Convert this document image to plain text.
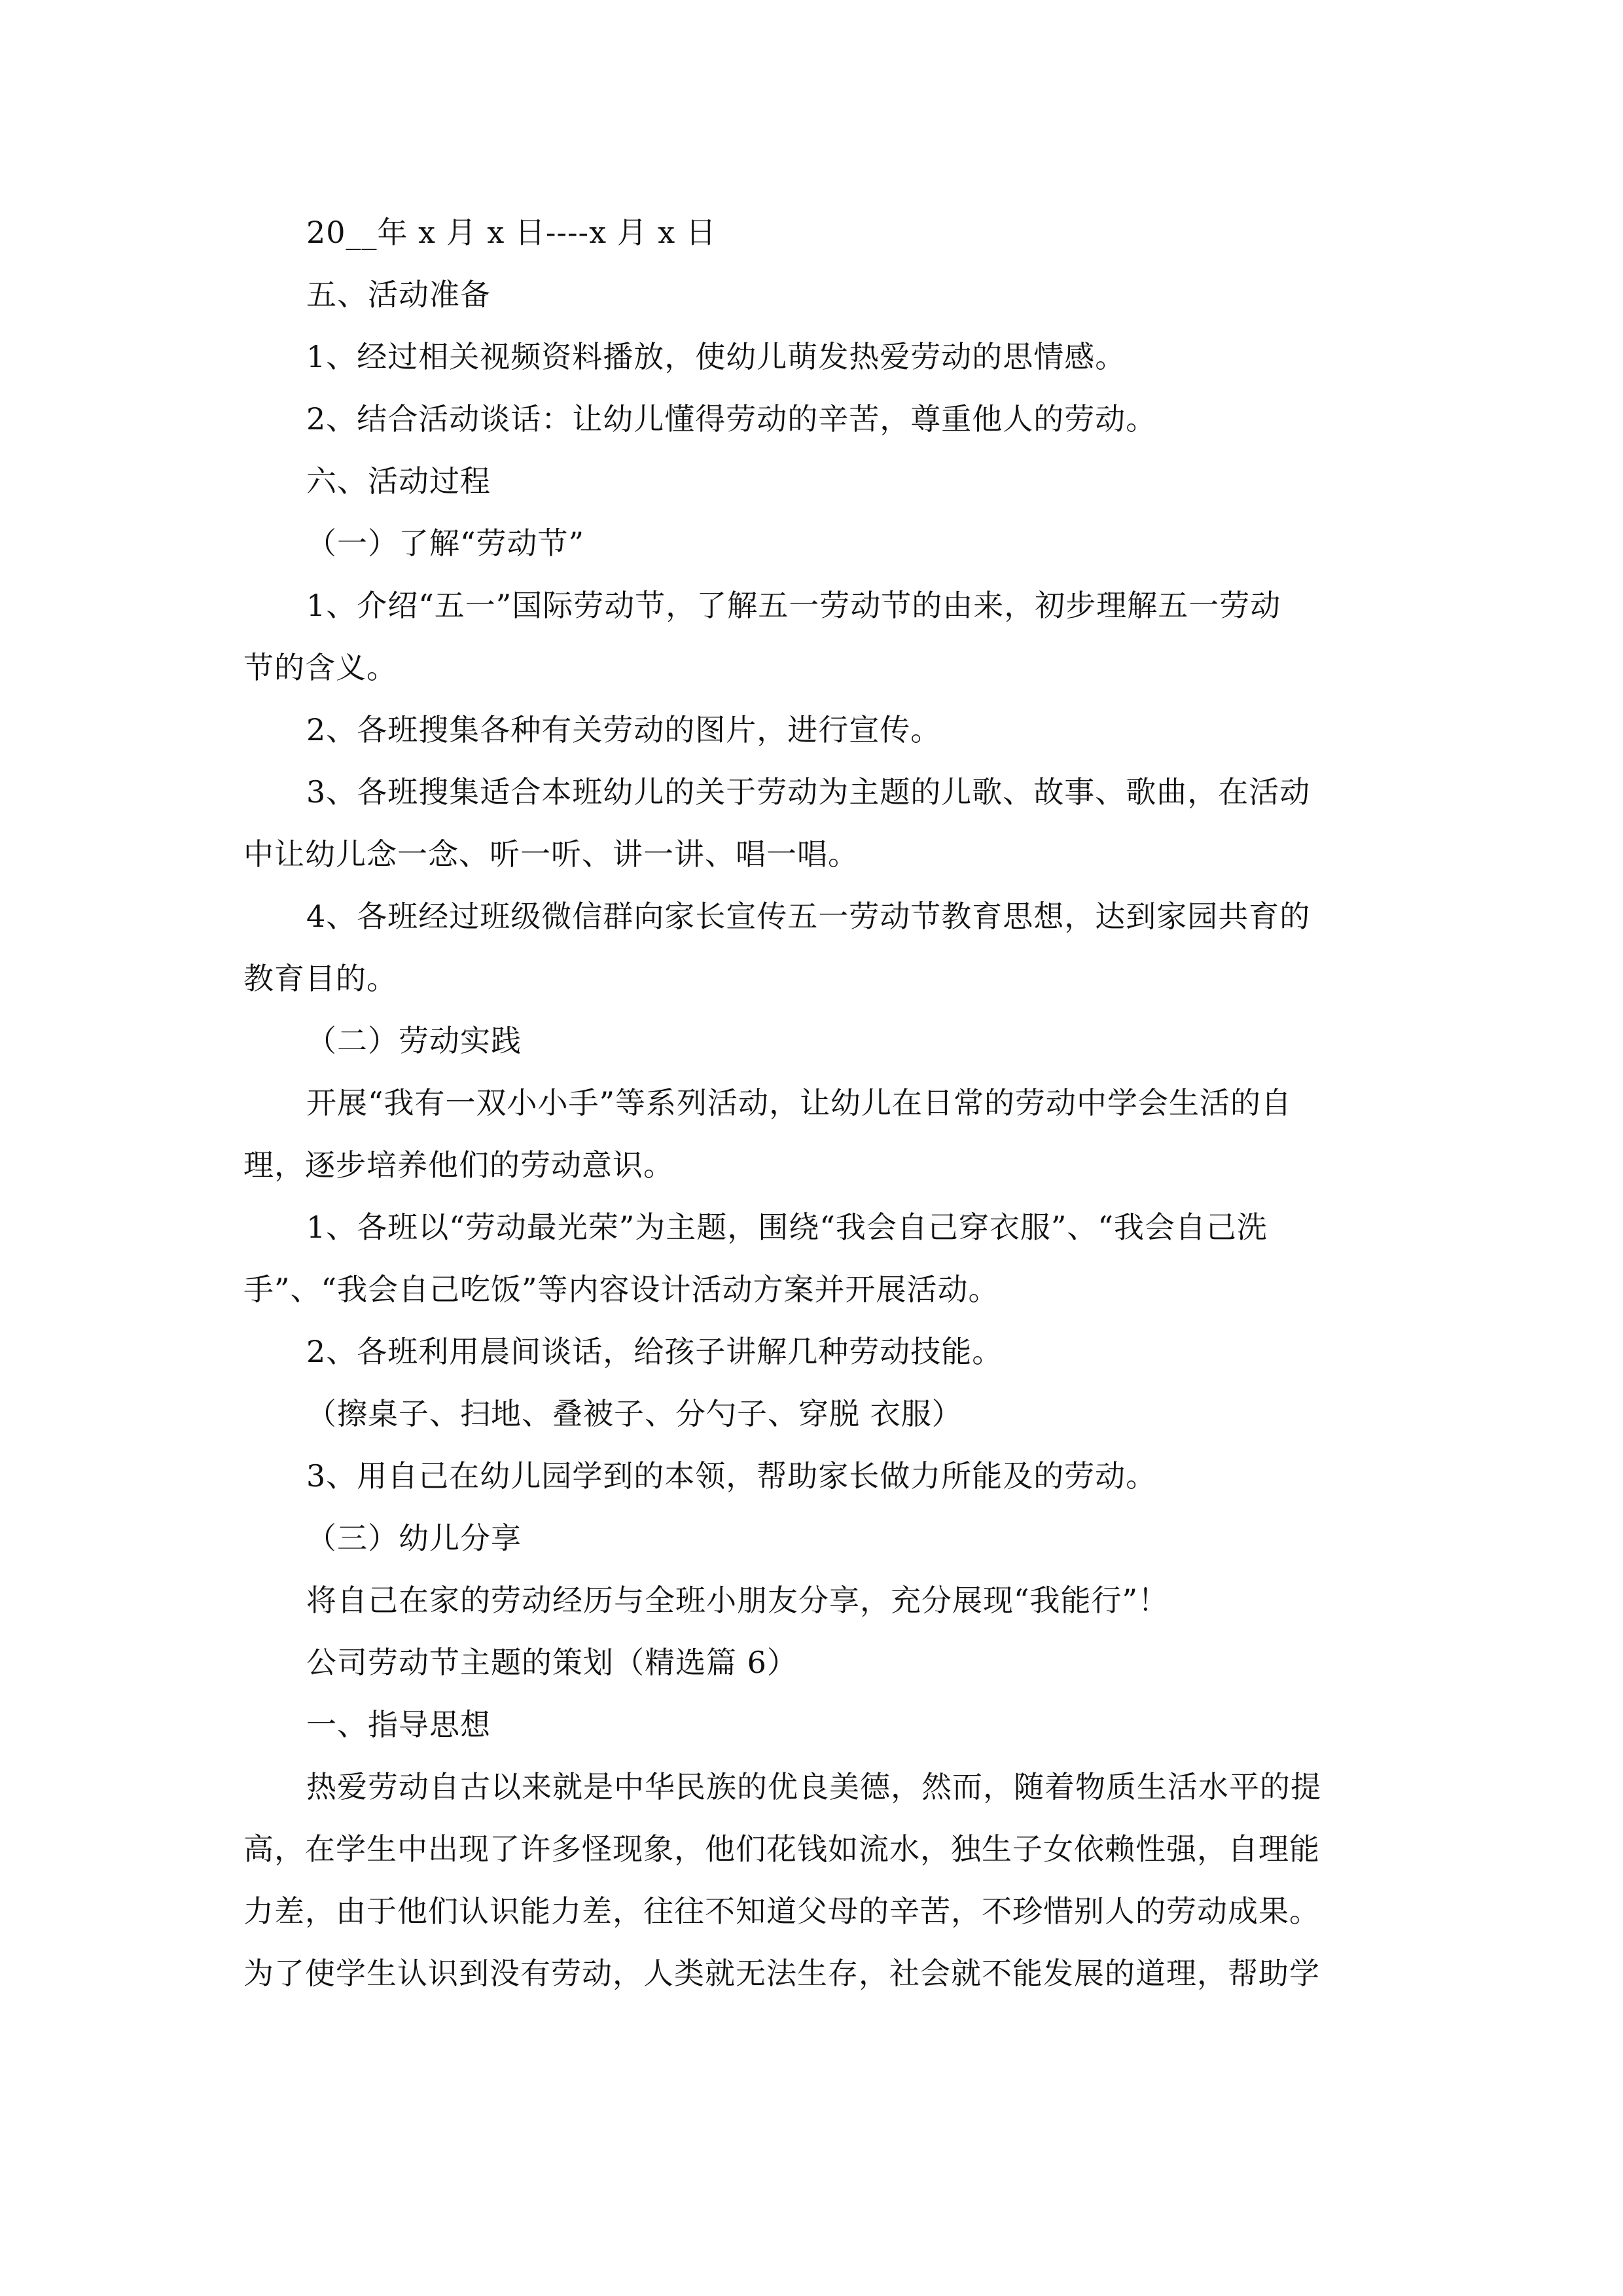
20__年 x 月 x 日----x 月 x 日
五、活动准备
1、经过相关视频资料播放，使幼儿萌发热爱劳动的思情感。
2、结合活动谈话：让幼儿懂得劳动的辛苦，尊重他人的劳动。
六、活动过程
（一）了解“劳动节”
1、介绍“五一”国际劳动节，了解五一劳动节的由来，初步理解五一劳动
节的含义。
2、各班搜集各种有关劳动的图片，进行宣传。
3、各班搜集适合本班幼儿的关于劳动为主题的儿歌、故事、歌曲，在活动
中让幼儿念一念、听一听、讲一讲、唱一唱。
4、各班经过班级微信群向家长宣传五一劳动节教育思想，达到家园共育的
教育目的。
（二）劳动实践
开展“我有一双小小手”等系列活动，让幼儿在日常的劳动中学会生活的自
理，逐步培养他们的劳动意识。
1、各班以“劳动最光荣”为主题，围绕“我会自己穿衣服”、“我会自己洗
手”、“我会自己吃饭”等内容设计活动方案并开展活动。
2、各班利用晨间谈话，给孩子讲解几种劳动技能。
（擦桌子、扫地、叠被子、分勺子、穿脱 衣服）
3、用自己在幼儿园学到的本领，帮助家长做力所能及的劳动。
（三）幼儿分享
将自己在家的劳动经历与全班小朋友分享，充分展现“我能行”！
公司劳动节主题的策划（精选篇 6）
一、指导思想
热爱劳动自古以来就是中华民族的优良美德，然而，随着物质生活水平的提
高，在学生中出现了许多怪现象，他们花钱如流水，独生子女依赖性强，自理能
力差，由于他们认识能力差，往往不知道父母的辛苦，不珍惜别人的劳动成果。
为了使学生认识到没有劳动，人类就无法生存，社会就不能发展的道理，帮助学
